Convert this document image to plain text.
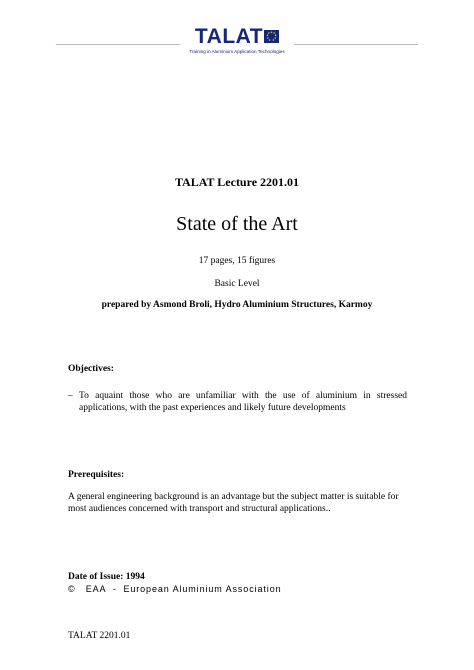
TALAT
Training in Aluminium Application Technologies
TALAT Lecture 2201.01
State of the Art
17 pages, 15 figures
Basic Level
prepared by Asmond Broli, Hydro Aluminium Structures, Karmoy
Objectives:
– To aquaint those who are unfamiliar with the use of aluminium in stressed applications, with the past experiences and likely future developments
Prerequisites:
A general engineering background is an advantage but the subject matter is suitable for most audiences concerned with transport and structural applications..
Date of Issue: 1994
©   EAA  -  European Aluminium Association
TALAT 2201.01
